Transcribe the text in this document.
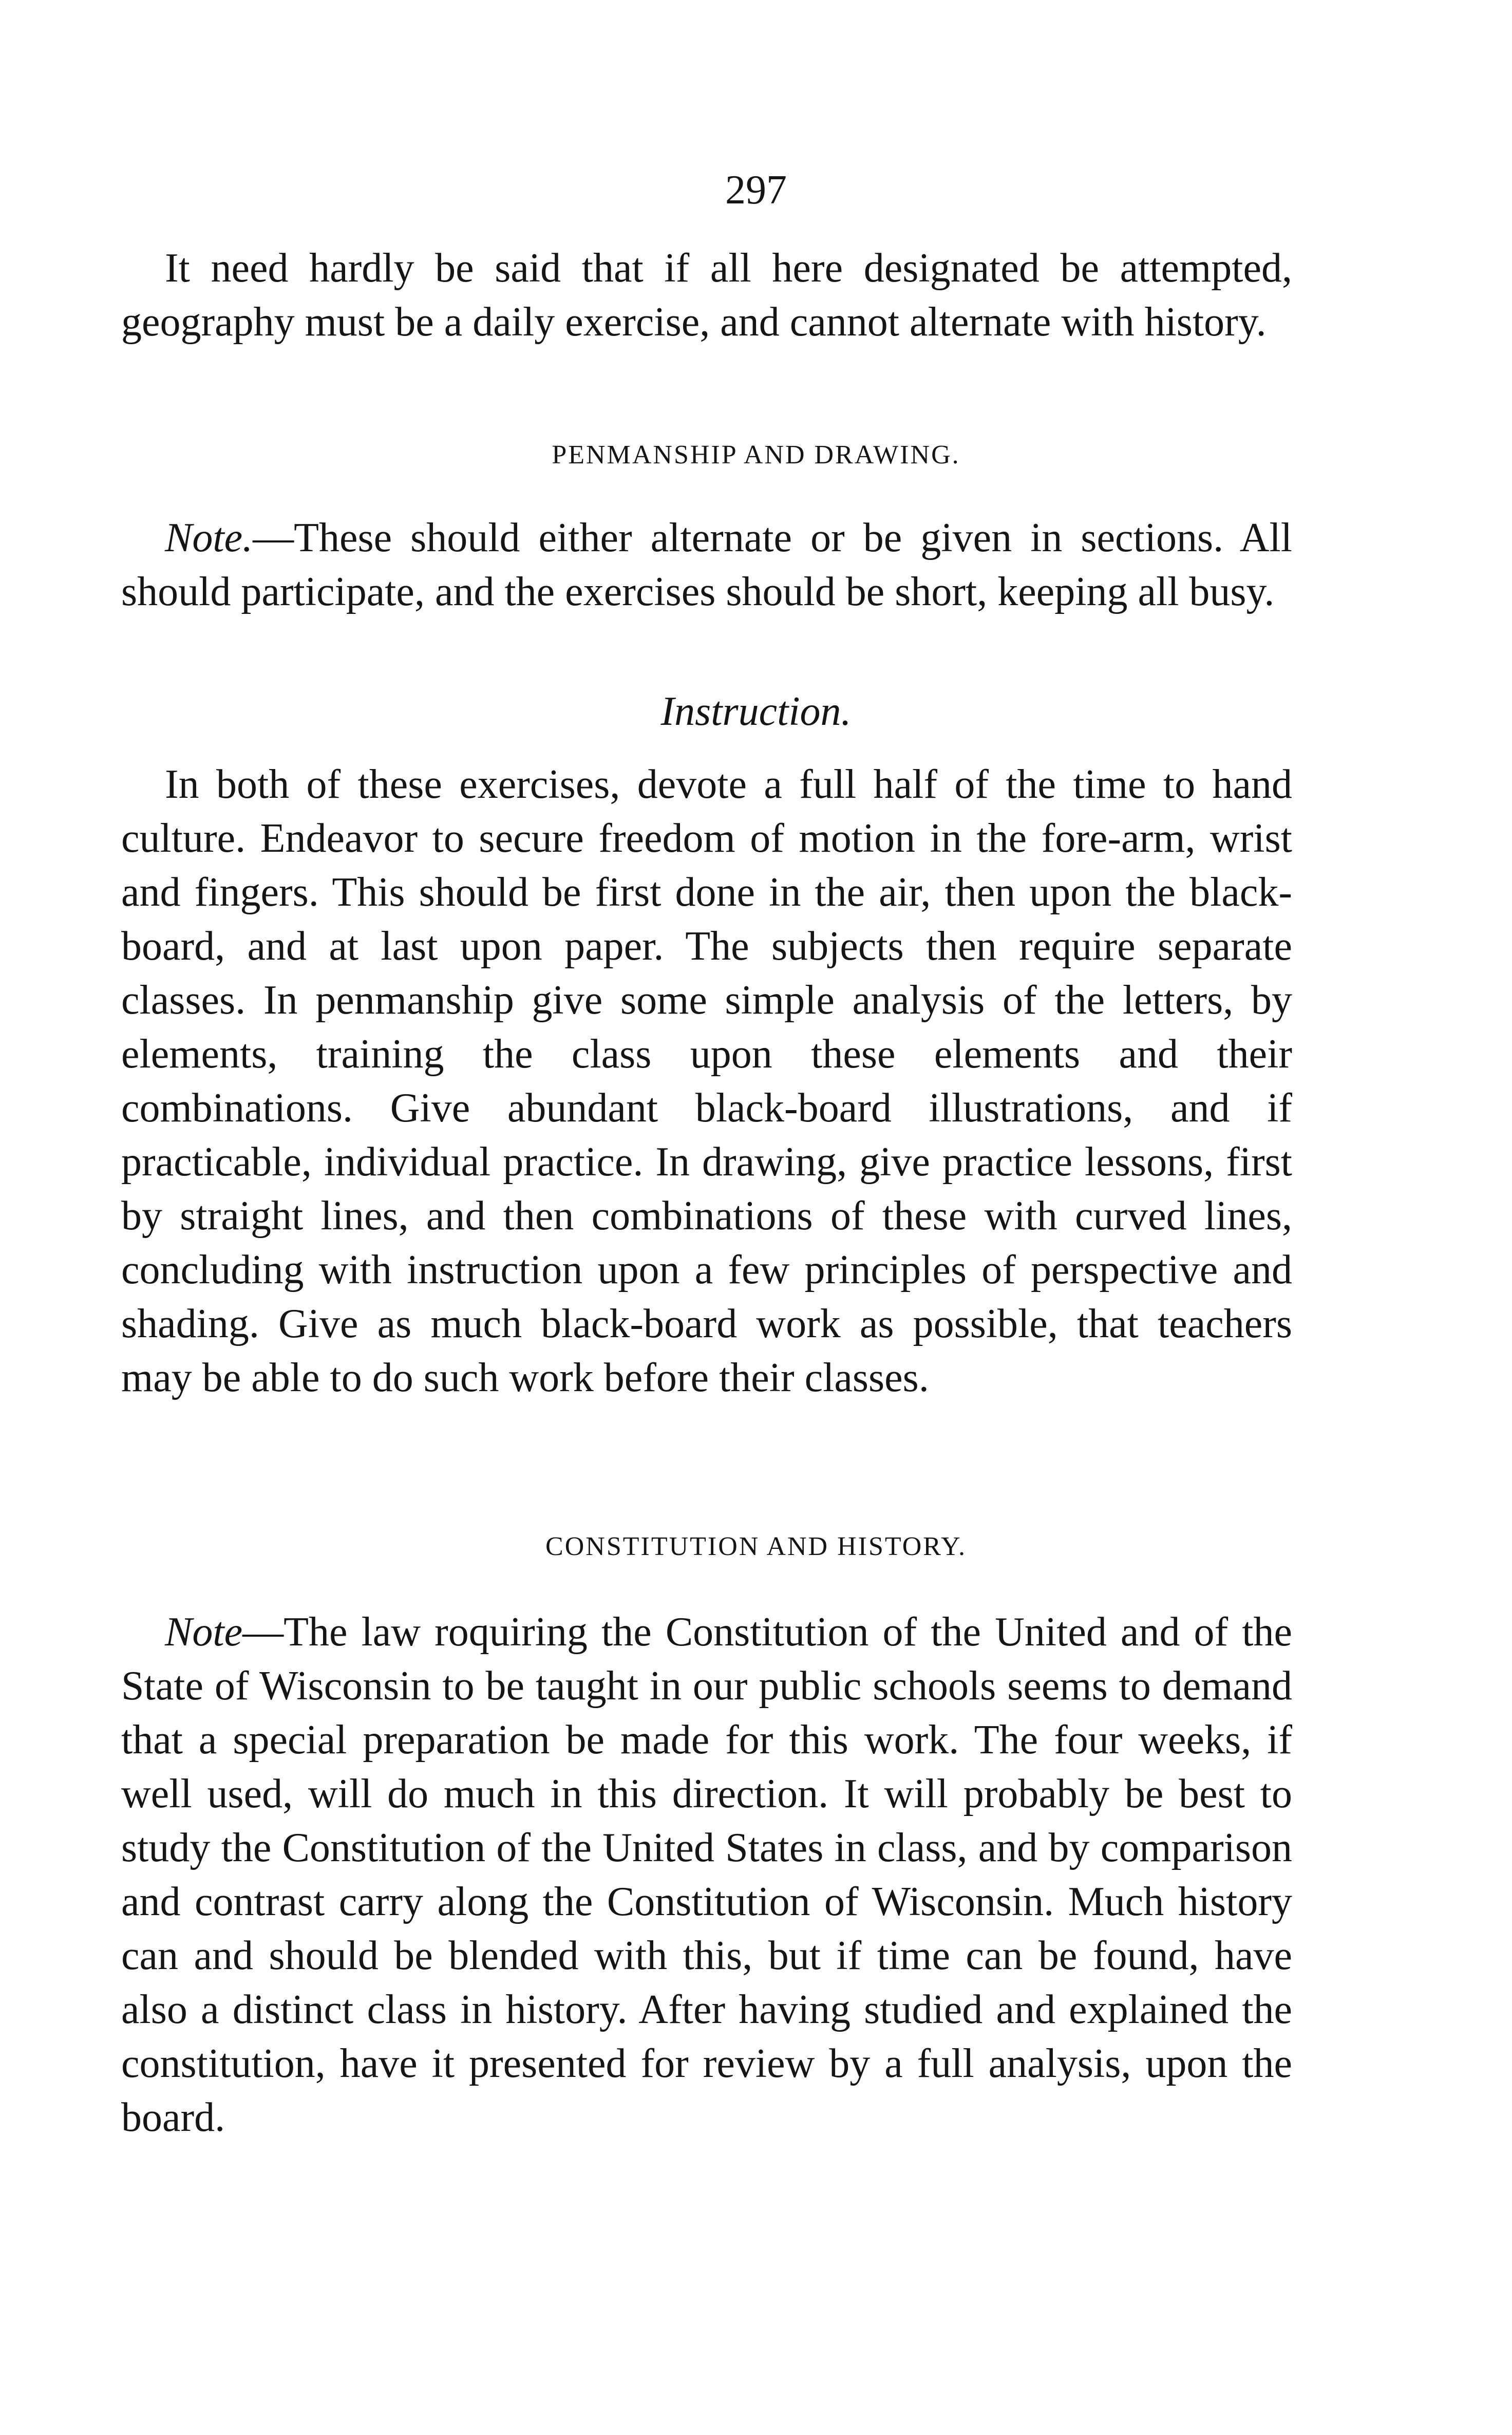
297

It need hardly be said that if all here designated be attempted, geography must be a daily exercise, and cannot alternate with history.

PENMANSHIP AND DRAWING.

Note.—These should either alternate or be given in sections. All should participate, and the exercises should be short, keeping all busy.

Instruction.

In both of these exercises, devote a full half of the time to hand culture. Endeavor to secure freedom of motion in the fore-arm, wrist and fingers. This should be first done in the air, then upon the black-board, and at last upon paper. The subjects then require separate classes. In penmanship give some simple analysis of the letters, by elements, training the class upon these elements and their combinations. Give abundant black-board illustrations, and if practicable, individual practice. In drawing, give practice lessons, first by straight lines, and then combinations of these with curved lines, concluding with instruction upon a few principles of perspective and shading. Give as much black-board work as possible, that teachers may be able to do such work before their classes.

CONSTITUTION AND HISTORY.

Note—The law roquiring the Constitution of the United and of the State of Wisconsin to be taught in our public schools seems to demand that a special preparation be made for this work. The four weeks, if well used, will do much in this direction. It will probably be best to study the Constitution of the United States in class, and by comparison and contrast carry along the Constitution of Wisconsin. Much history can and should be blended with this, but if time can be found, have also a distinct class in history. After having studied and explained the constitution, have it presented for review by a full analysis, upon the board.
